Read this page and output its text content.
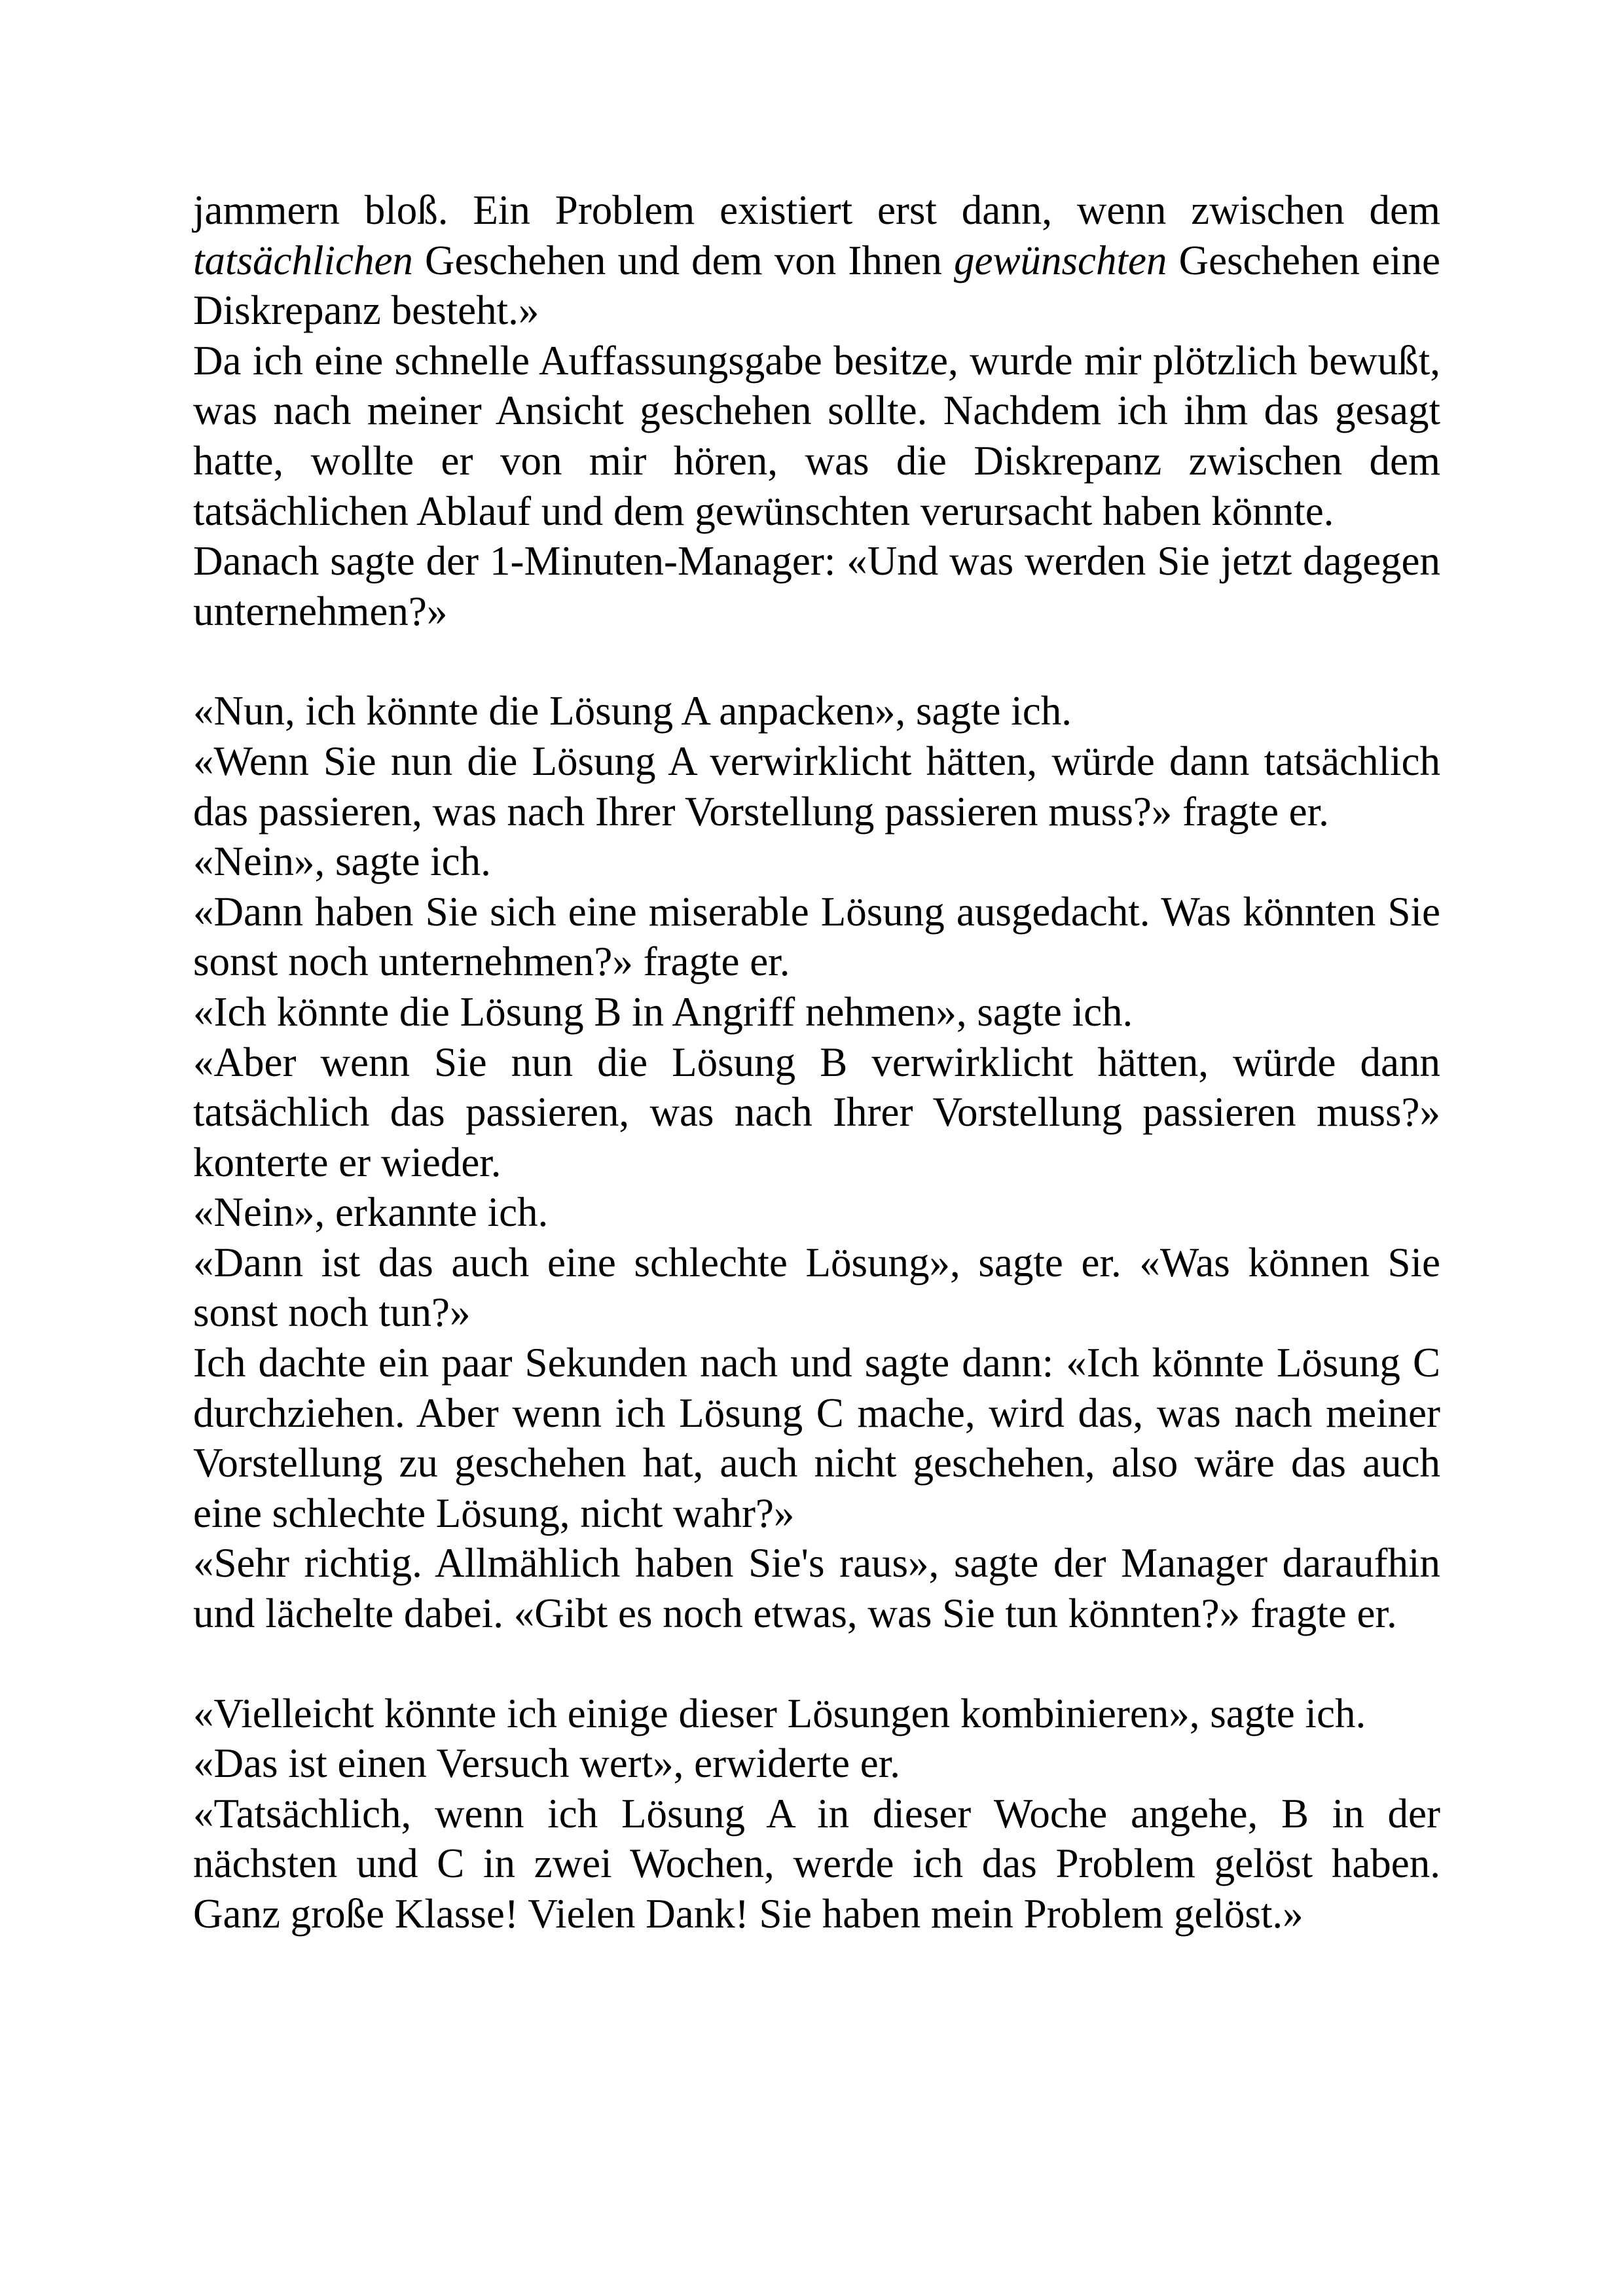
jammern bloß. Ein Problem existiert erst dann, wenn zwischen dem tatsächlichen Geschehen und dem von Ihnen gewünschten Geschehen eine Diskrepanz besteht.»

Da ich eine schnelle Auffassungsgabe besitze, wurde mir plötzlich bewußt, was nach meiner Ansicht geschehen sollte. Nachdem ich ihm das gesagt hatte, wollte er von mir hören, was die Diskrepanz zwischen dem tatsächlichen Ablauf und dem gewünschten verursacht haben könnte.

Danach sagte der 1-Minuten-Manager: «Und was werden Sie jetzt dagegen unternehmen?»

«Nun, ich könnte die Lösung A anpacken», sagte ich.

«Wenn Sie nun die Lösung A verwirklicht hätten, würde dann tatsächlich das passieren, was nach Ihrer Vorstellung passieren muss?» fragte er.

«Nein», sagte ich.

«Dann haben Sie sich eine miserable Lösung ausgedacht. Was könnten Sie sonst noch unternehmen?» fragte er.

«Ich könnte die Lösung B in Angriff nehmen», sagte ich.

«Aber wenn Sie nun die Lösung B verwirklicht hätten, würde dann tatsächlich das passieren, was nach Ihrer Vorstellung passieren muss?» konterte er wieder.

«Nein», erkannte ich.

«Dann ist das auch eine schlechte Lösung», sagte er. «Was können Sie sonst noch tun?»

Ich dachte ein paar Sekunden nach und sagte dann: «Ich könnte Lösung C durchziehen. Aber wenn ich Lösung C mache, wird das, was nach meiner Vorstellung zu geschehen hat, auch nicht geschehen, also wäre das auch eine schlechte Lösung, nicht wahr?»

«Sehr richtig. Allmählich haben Sie's raus», sagte der Manager daraufhin und lächelte dabei. «Gibt es noch etwas, was Sie tun könnten?» fragte er.

«Vielleicht könnte ich einige dieser Lösungen kombinieren», sagte ich.

«Das ist einen Versuch wert», erwiderte er.

«Tatsächlich, wenn ich Lösung A in dieser Woche angehe, B in der nächsten und C in zwei Wochen, werde ich das Problem gelöst haben. Ganz große Klasse! Vielen Dank! Sie haben mein Problem gelöst.»
